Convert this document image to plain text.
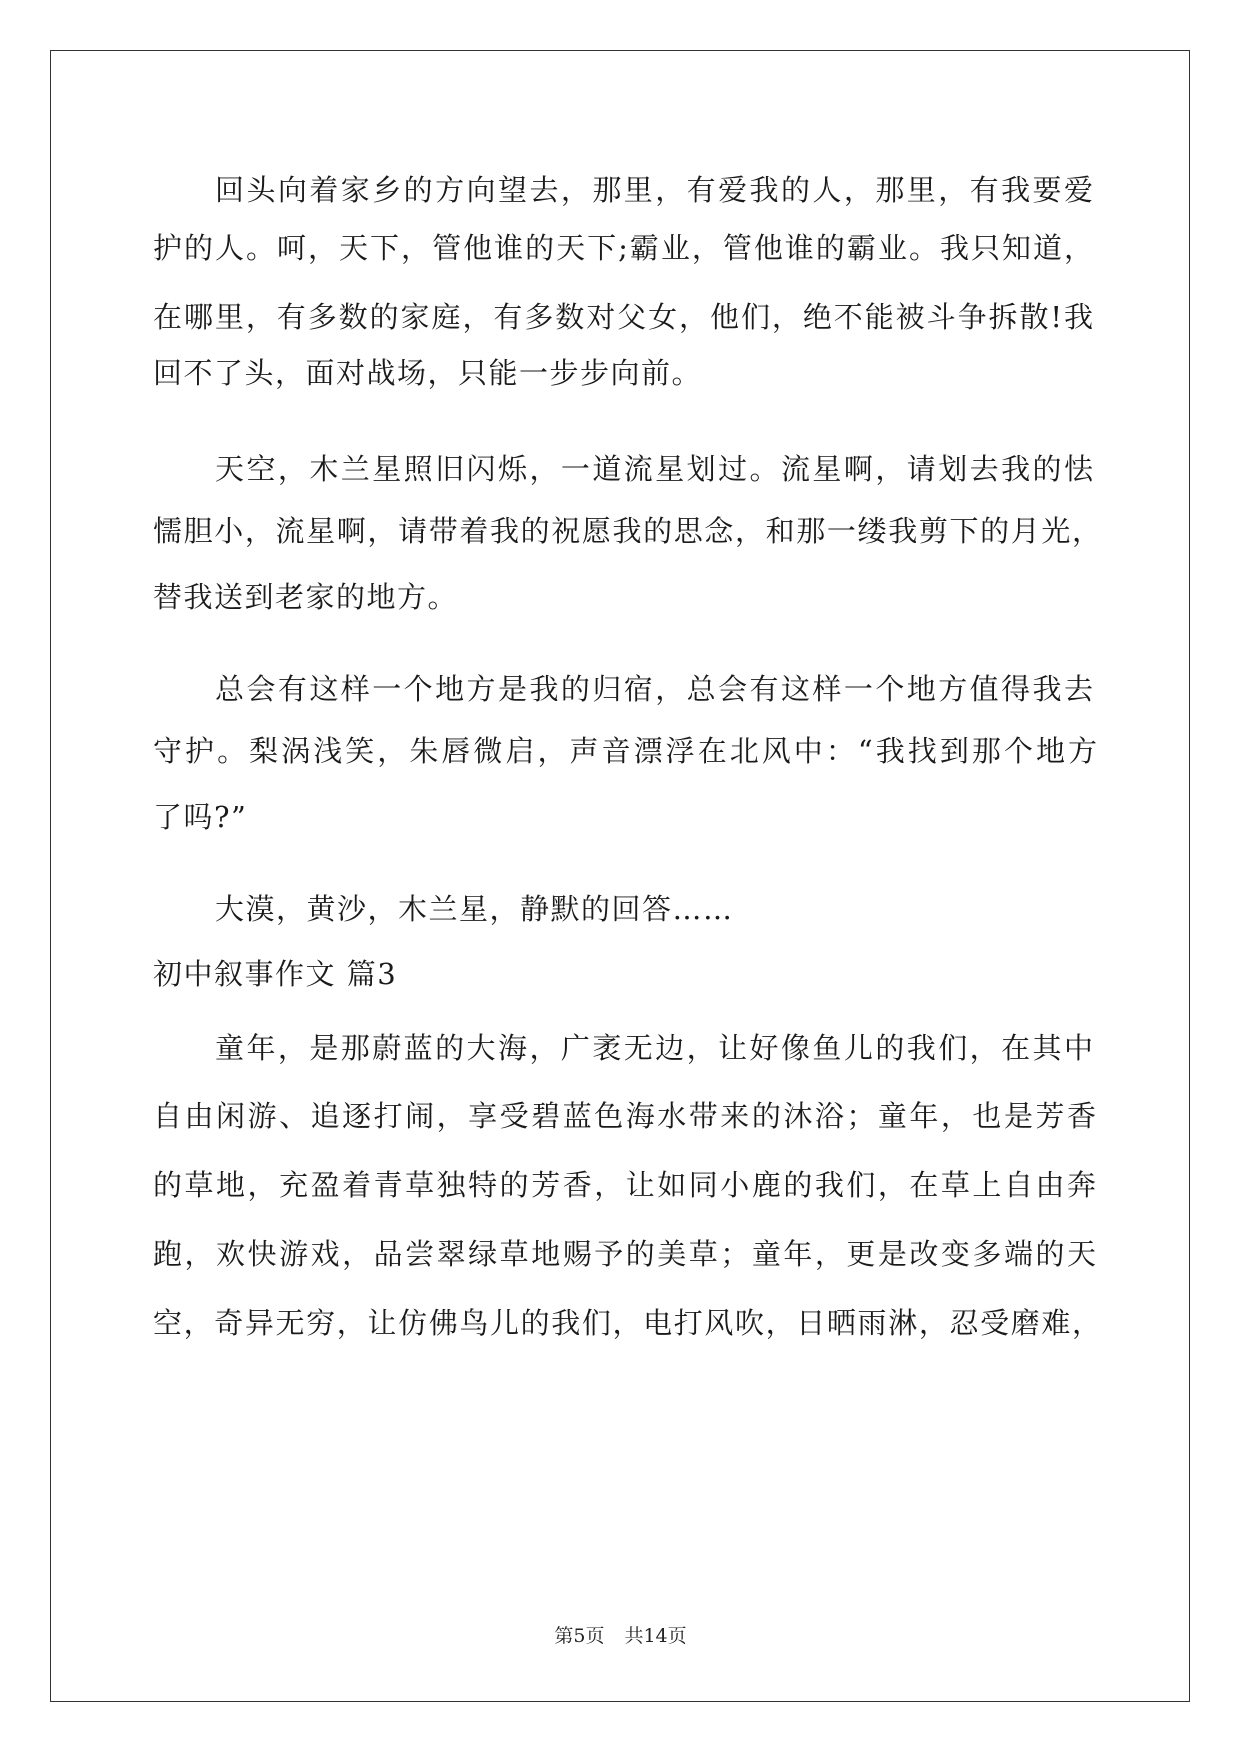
回头向着家乡的方向望去，那里，有爱我的人，那里，有我要爱
护的人。呵，天下，管他谁的天下;霸业，管他谁的霸业。我只知道，
在哪里，有多数的家庭，有多数对父女，他们，绝不能被斗争拆散!我
回不了头，面对战场，只能一步步向前。
天空，木兰星照旧闪烁，一道流星划过。流星啊，请划去我的怯
懦胆小，流星啊，请带着我的祝愿我的思念，和那一缕我剪下的月光，
替我送到老家的地方。
总会有这样一个地方是我的归宿，总会有这样一个地方值得我去
守护。梨涡浅笑，朱唇微启，声音漂浮在北风中：“我找到那个地方
了吗?”
大漠，黄沙，木兰星，静默的回答……
初中叙事作文 篇3
童年，是那蔚蓝的大海，广袤无边，让好像鱼儿的我们，在其中
自由闲游、追逐打闹，享受碧蓝色海水带来的沐浴；童年，也是芳香
的草地，充盈着青草独特的芳香，让如同小鹿的我们，在草上自由奔
跑，欢快游戏，品尝翠绿草地赐予的美草；童年，更是改变多端的天
空，奇异无穷，让仿佛鸟儿的我们，电打风吹，日晒雨淋，忍受磨难，
第5页 共14页
